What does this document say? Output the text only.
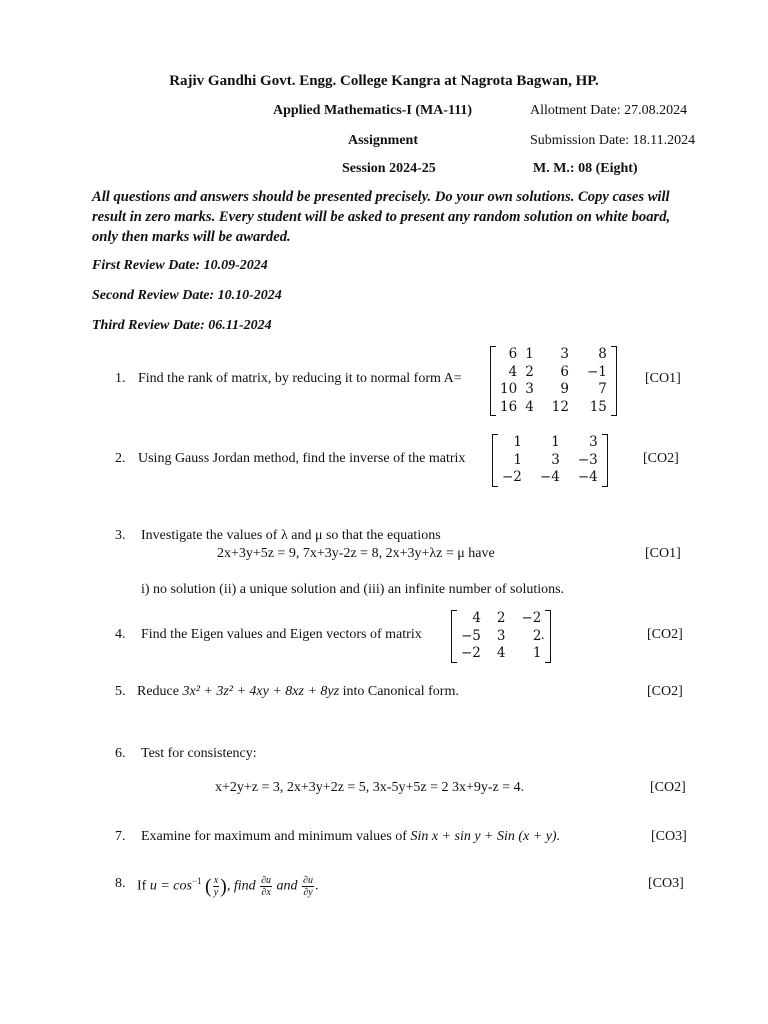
Rajiv Gandhi Govt. Engg. College Kangra at Nagrota Bagwan, HP.
Applied Mathematics-I (MA-111)	Allotment Date: 27.08.2024
Assignment	Submission Date: 18.11.2024
Session 2024-25	M. M.: 08 (Eight)
All questions and answers should be presented precisely. Do your own solutions. Copy cases will result in zero marks. Every student will be asked to present any random solution on white board, only then marks will be awarded.
First Review Date: 10.09-2024
Second Review Date: 10.10-2024
Third Review Date: 06.11-2024
1. Find the rank of matrix, by reducing it to normal form A=
6	1	3	8
4	2	6	−1
10	3	9	7
16	4	12	15
[CO1]
2. Using Gauss Jordan method, find the inverse of the matrix
1	1	3
1	3	−3
−2	−4	−4
[CO2]
3. Investigate the values of λ and μ so that the equations
2x+3y+5z = 9, 7x+3y-2z = 8, 2x+3y+λz = μ have	[CO1]
i) no solution (ii) a unique solution and (iii) an infinite number of solutions.
4. Find the Eigen values and Eigen vectors of matrix
4	2	−2
−5	3	2
−2	4	1
.	[CO2]
5. Reduce 3x² + 3z² + 4xy + 8xz + 8yz into Canonical form.	[CO2]
6. Test for consistency:
x+2y+z = 3, 2x+3y+2z = 5, 3x-5y+5z = 2 3x+9y-z = 4.	[CO2]
7. Examine for maximum and minimum values of Sin x + sin y + Sin (x + y).	[CO3]
8. If $u = \cos^{-1}$ ( $\frac{x}{y}$ ), find $\frac{\partial u}{\partial x}$ and $\frac{\partial u}{\partial y}$ .	[CO3]
